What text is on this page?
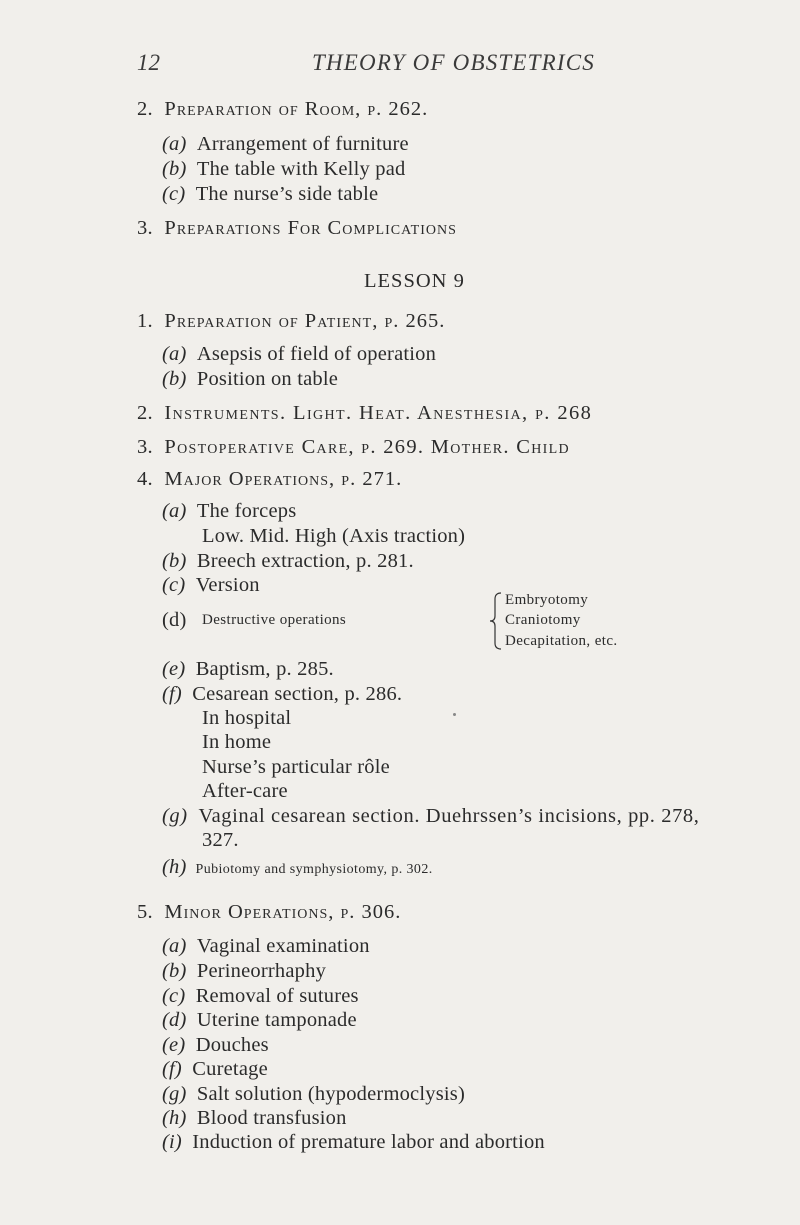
12	THEORY OF OBSTETRICS
2. Preparation of Room, p. 262.
(a) Arrangement of furniture
(b) The table with Kelly pad
(c) The nurse’s side table
3. Preparations For Complications
LESSON 9
1. Preparation of Patient, p. 265.
(a) Asepsis of field of operation
(b) Position on table
2. Instruments. Light. Heat. Anesthesia, p. 268
3. Postoperative Care, p. 269. Mother. Child
4. Major Operations, p. 271.
(a) The forceps
Low. Mid. High (Axis traction)
(b) Breech extraction, p. 281.
(c) Version
(d) Destructive operations
Embryotomy
Craniotomy
Decapitation, etc.
(e) Baptism, p. 285.
(f) Cesarean section, p. 286.
In hospital
In home
Nurse’s particular rôle
After-care
(g) Vaginal cesarean section. Duehrssen’s incisions, pp. 278,
327.
(h) Pubiotomy and symphysiotomy, p. 302.
5. Minor Operations, p. 306.
(a) Vaginal examination
(b) Perineorrhaphy
(c) Removal of sutures
(d) Uterine tamponade
(e) Douches
(f) Curetage
(g) Salt solution (hypodermoclysis)
(h) Blood transfusion
(i) Induction of premature labor and abortion
